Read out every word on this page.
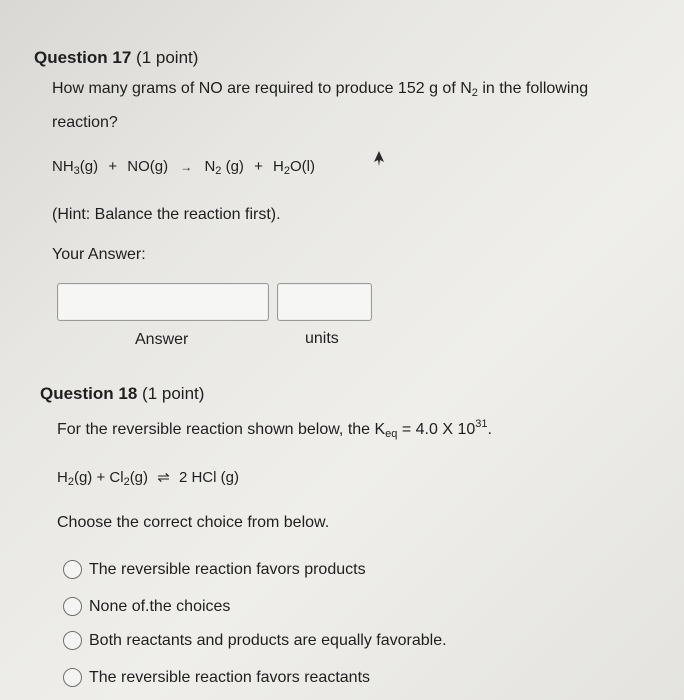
Question 17 (1 point)
How many grams of NO are required to produce 152 g of $N_2$ in the following
reaction?
$NH_3(g) + NO(g) \to N_2$ $(g) + H_2O(l)$
(Hint: Balance the reaction first).
Your Answer:
Answer	units
Question 18 (1 point)
For the reversible reaction shown below, the $K_{eq} = 4.0$ X $10^{31}$.
$H_2(g) + Cl_2(g)$ ⇌ 2 HCl (g)
Choose the correct choice from below.
The reversible reaction favors products
None of.the choices
Both reactants and products are equally favorable.
The reversible reaction favors reactants
